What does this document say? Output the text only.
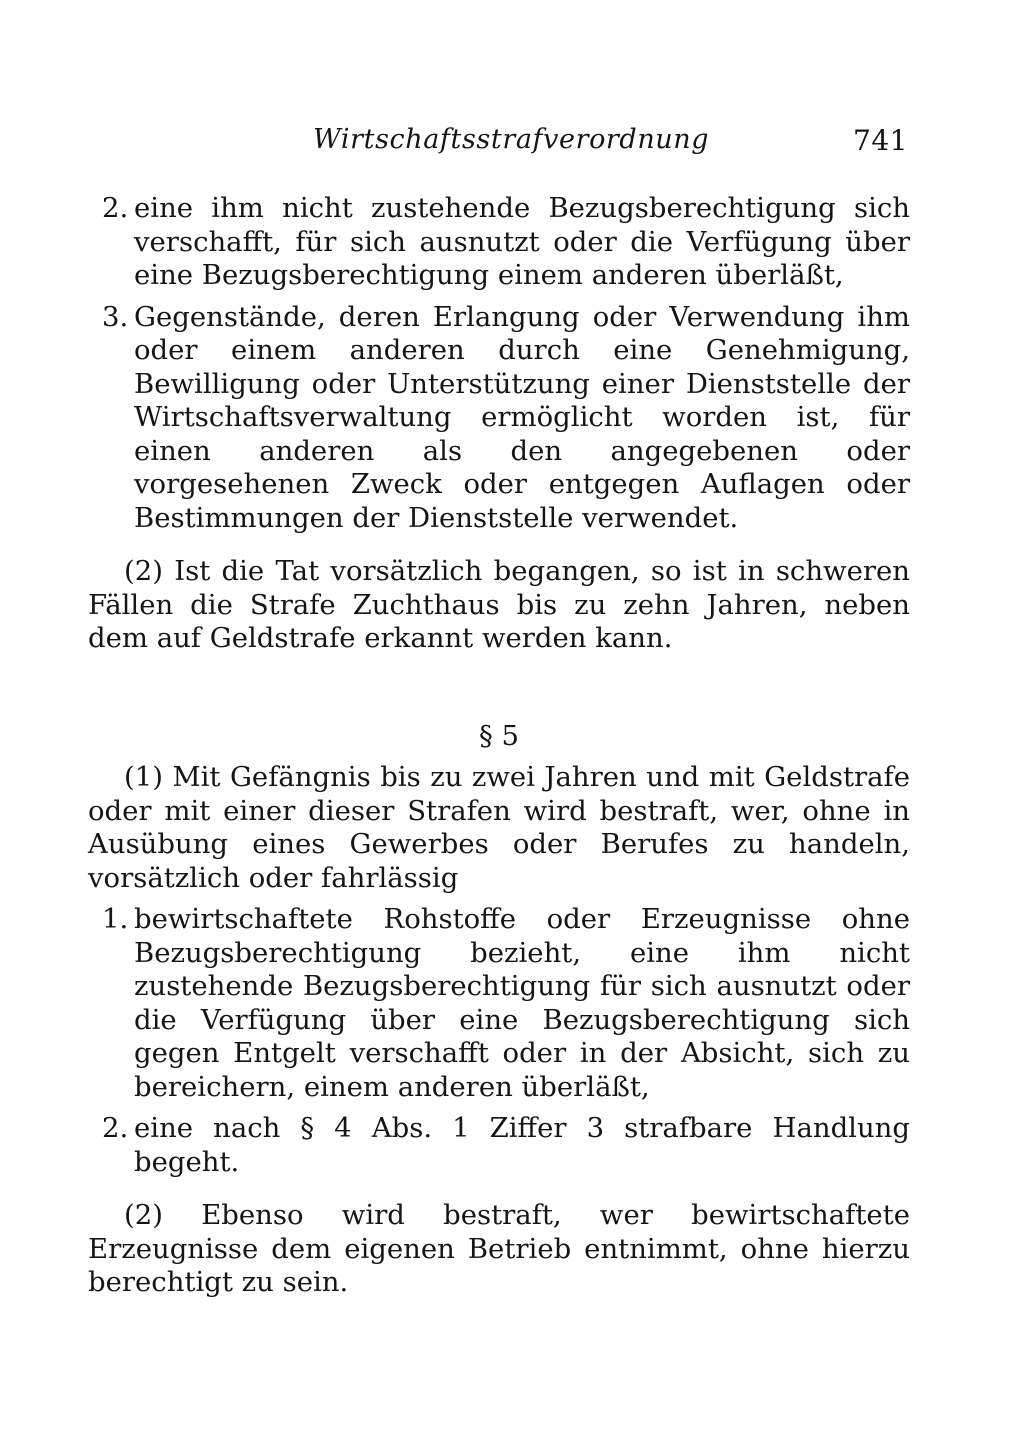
Wirtschaftsstrafverordnung	741
2. eine ihm nicht zustehende Bezugsberechtigung sich verschafft, für sich ausnutzt oder die Verfügung über eine Bezugsberechtigung einem anderen überläßt,
3. Gegenstände, deren Erlangung oder Verwendung ihm oder einem anderen durch eine Genehmigung, Bewilligung oder Unterstützung einer Dienststelle der Wirtschaftsverwaltung ermöglicht worden ist, für einen anderen als den angegebenen oder vorgesehenen Zweck oder entgegen Auflagen oder Bestimmungen der Dienststelle verwendet.

(2) Ist die Tat vorsätzlich begangen, so ist in schweren Fällen die Strafe Zuchthaus bis zu zehn Jahren, neben dem auf Geldstrafe erkannt werden kann.

§ 5

(1) Mit Gefängnis bis zu zwei Jahren und mit Geldstrafe oder mit einer dieser Strafen wird bestraft, wer, ohne in Ausübung eines Gewerbes oder Berufes zu handeln, vorsätzlich oder fahrlässig

1. bewirtschaftete Rohstoffe oder Erzeugnisse ohne Bezugsberechtigung bezieht, eine ihm nicht zustehende Bezugsberechtigung für sich ausnutzt oder die Verfügung über eine Bezugsberechtigung sich gegen Entgelt verschafft oder in der Absicht, sich zu bereichern, einem anderen überläßt,
2. eine nach § 4 Abs. 1 Ziffer 3 strafbare Handlung begeht.

(2) Ebenso wird bestraft, wer bewirtschaftete Erzeugnisse dem eigenen Betrieb entnimmt, ohne hierzu berechtigt zu sein.
